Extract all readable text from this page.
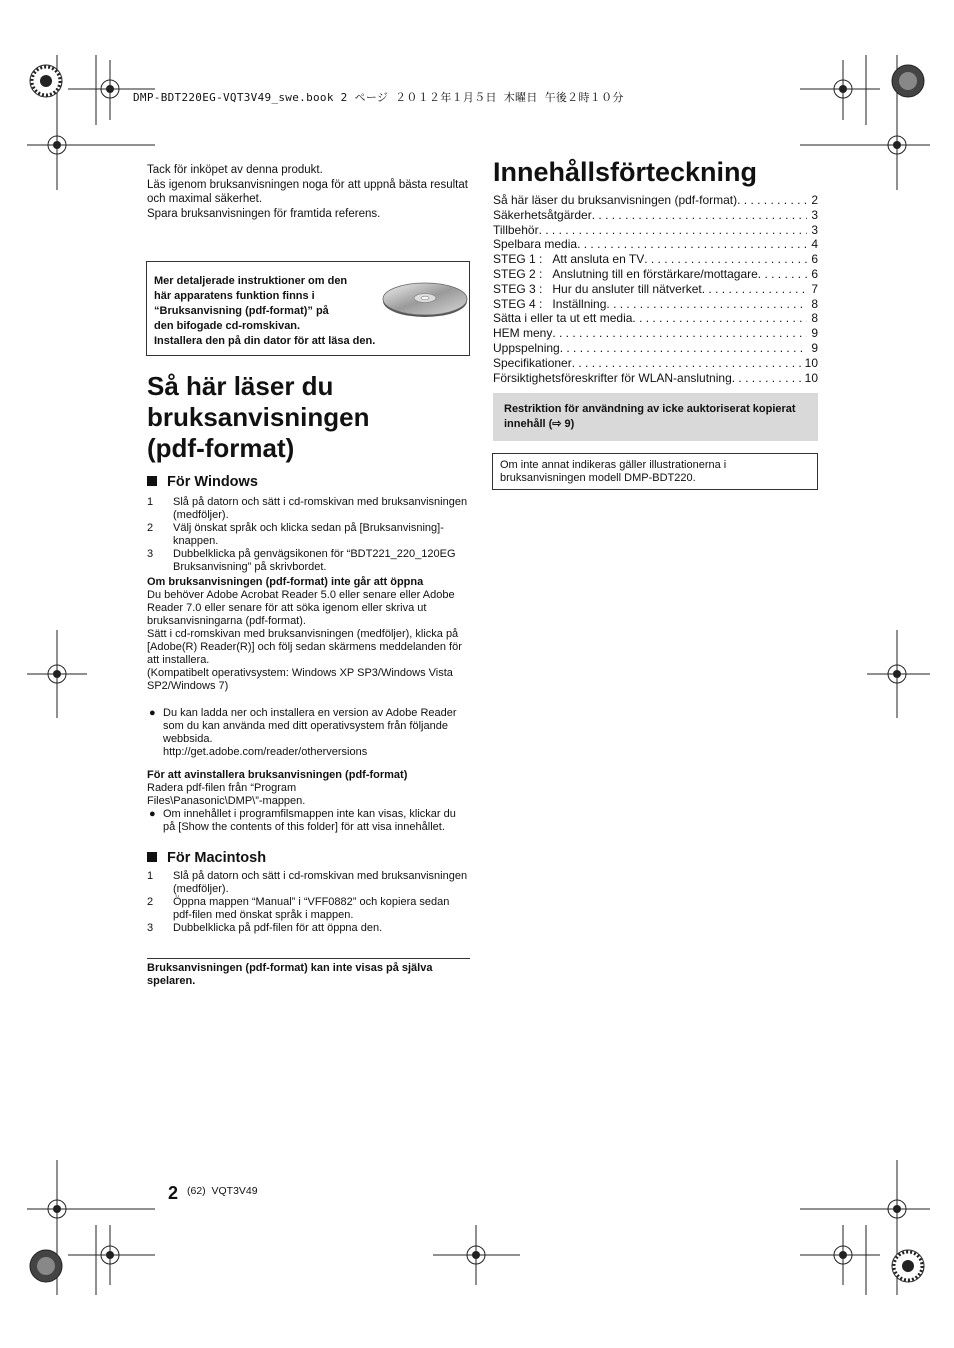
DMP-BDT220EG-VQT3V49_swe.book 2 ページ ２０１２年１月５日 木曜日 午後２時１０分
Tack för inköpet av denna produkt.
Läs igenom bruksanvisningen noga för att uppnå bästa resultat och maximal säkerhet.
Spara bruksanvisningen för framtida referens.
Mer detaljerade instruktioner om den
här apparatens funktion finns i
“Bruksanvisning (pdf-format)” på
den bifogade cd-romskivan.
Installera den på din dator för att läsa den.
Så här läser du
bruksanvisningen
(pdf-format)
För Windows
1 Slå på datorn och sätt i cd-romskivan med bruksanvisningen (medföljer).
2 Välj önskat språk och klicka sedan på [Bruksanvisning]-knappen.
3 Dubbelklicka på genvägsikonen för “BDT221_220_120EG Bruksanvisning” på skrivbordet.
Om bruksanvisningen (pdf-format) inte går att öppna
Du behöver Adobe Acrobat Reader 5.0 eller senare eller Adobe Reader 7.0 eller senare för att söka igenom eller skriva ut bruksanvisningarna (pdf-format).
Sätt i cd-romskivan med bruksanvisningen (medföljer), klicka på [Adobe(R) Reader(R)] och följ sedan skärmens meddelanden för att installera.
(Kompatibelt operativsystem: Windows XP SP3/Windows Vista SP2/Windows 7)
● Du kan ladda ner och installera en version av Adobe Reader som du kan använda med ditt operativsystem från följande webbsida.
http://get.adobe.com/reader/otherversions
För att avinstallera bruksanvisningen (pdf-format)
Radera pdf-filen från “Program Files\Panasonic\DMP\”-mappen.
● Om innehållet i programfilsmappen inte kan visas, klickar du på [Show the contents of this folder] för att visa innehållet.
För Macintosh
1 Slå på datorn och sätt i cd-romskivan med bruksanvisningen (medföljer).
2 Öppna mappen “Manual” i “VFF0882” och kopiera sedan pdf-filen med önskat språk i mappen.
3 Dubbelklicka på pdf-filen för att öppna den.
Bruksanvisningen (pdf-format) kan inte visas på själva spelaren.
2 (62)  VQT3V49
Innehållsförteckning
Så här läser du bruksanvisningen (pdf-format) . . .	2
Säkerhetsåtgärder . . .	3
Tillbehör . . .	3
Spelbara media . . .	4
STEG 1 : Att ansluta en TV . . .	6
STEG 2 : Anslutning till en förstärkare/mottagare . . .	6
STEG 3 : Hur du ansluter till nätverket . . .	7
STEG 4 : Inställning . . .	8
Sätta i eller ta ut ett media . . .	8
HEM meny . . .	9
Uppspelning . . .	9
Specifikationer . . .	10
Försiktighetsföreskrifter för WLAN-anslutning . . .	10
Restriktion för användning av icke auktoriserat kopierat innehåll (⇨ 9)
Om inte annat indikeras gäller illustrationerna i bruksanvisningen modell DMP-BDT220.
